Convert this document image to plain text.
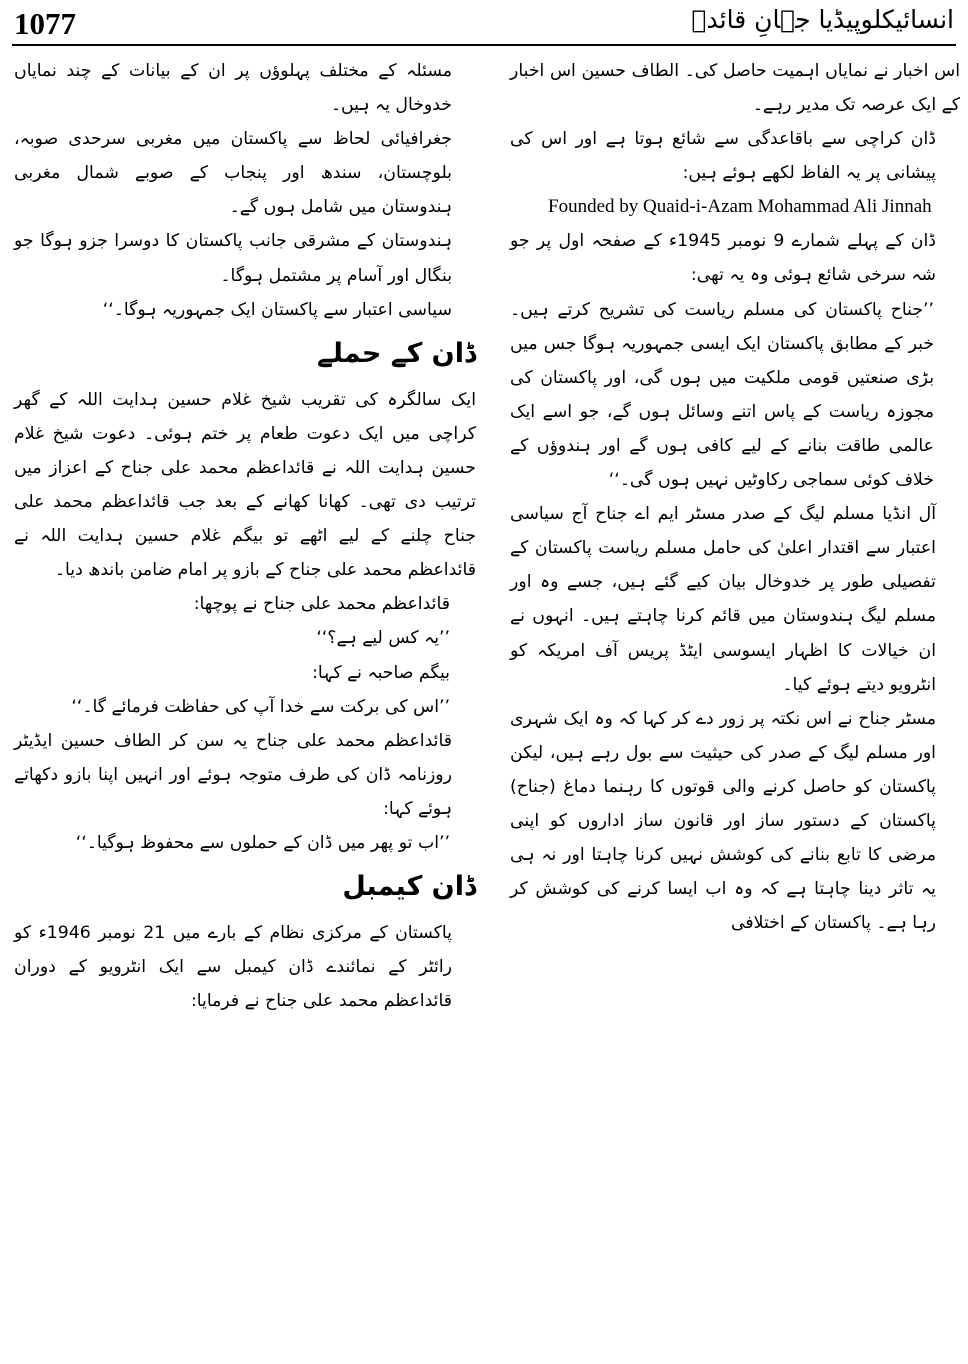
1077	انسائیکلوپیڈیا جہانِ قائدؒ

اس اخبار نے نمایاں اہمیت حاصل کی۔ الطاف حسین اس اخبار کے ایک عرصہ تک مدیر رہے۔

ڈان کراچی سے باقاعدگی سے شائع ہوتا ہے اور اس کی پیشانی پر یہ الفاظ لکھے ہوئے ہیں:

Founded by Quaid-i-Azam Mohammad Ali Jinnah

ڈان کے پہلے شمارے 9 نومبر 1945ء کے صفحہ اول پر جو شہ سرخی شائع ہوئی وہ یہ تھی:

’’جناح پاکستان کی مسلم ریاست کی تشریح کرتے ہیں۔ خبر کے مطابق پاکستان ایک ایسی جمہوریہ ہوگا جس میں بڑی صنعتیں قومی ملکیت میں ہوں گی، اور پاکستان کی مجوزہ ریاست کے پاس اتنے وسائل ہوں گے، جو اسے ایک عالمی طاقت بنانے کے لیے کافی ہوں گے اور ہندوؤں کے خلاف کوئی سماجی رکاوٹیں نہیں ہوں گی۔‘‘

آل انڈیا مسلم لیگ کے صدر مسٹر ایم اے جناح آج سیاسی اعتبار سے اقتدار اعلیٰ کی حامل مسلم ریاست پاکستان کے تفصیلی طور پر خدوخال بیان کیے گئے ہیں، جسے وہ اور مسلم لیگ ہندوستان میں قائم کرنا چاہتے ہیں۔ انہوں نے ان خیالات کا اظہار ایسوسی ایٹڈ پریس آف امریکہ کو انٹرویو دیتے ہوئے کیا۔

مسٹر جناح نے اس نکتہ پر زور دے کر کہا کہ وہ ایک شہری اور مسلم لیگ کے صدر کی حیثیت سے بول رہے ہیں، لیکن پاکستان کو حاصل کرنے والی قوتوں کا رہنما دماغ (جناح) پاکستان کے دستور ساز اور قانون ساز اداروں کو اپنی مرضی کا تابع بنانے کی کوشش نہیں کرنا چاہتا اور نہ ہی یہ تاثر دینا چاہتا ہے کہ وہ اب ایسا کرنے کی کوشش کر رہا ہے۔ پاکستان کے اختلافی

مسئلہ کے مختلف پہلوؤں پر ان کے بیانات کے چند نمایاں خدوخال یہ ہیں۔

جغرافیائی لحاظ سے پاکستان میں مغربی سرحدی صوبہ، بلوچستان، سندھ اور پنجاب کے صوبے شمال مغربی ہندوستان میں شامل ہوں گے۔

ہندوستان کے مشرقی جانب پاکستان کا دوسرا جزو ہوگا جو بنگال اور آسام پر مشتمل ہوگا۔

سیاسی اعتبار سے پاکستان ایک جمہوریہ ہوگا۔‘‘

ڈان کے حملے

ایک سالگرہ کی تقریب شیخ غلام حسین ہدایت اللہ کے گھر کراچی میں ایک دعوت طعام پر ختم ہوئی۔ دعوت شیخ غلام حسین ہدایت اللہ نے قائداعظم محمد علی جناح کے اعزاز میں ترتیب دی تھی۔ کھانا کھانے کے بعد جب قائداعظم محمد علی جناح چلنے کے لیے اٹھے تو بیگم غلام حسین ہدایت اللہ نے قائداعظم محمد علی جناح کے بازو پر امام ضامن باندھ دیا۔

قائداعظم محمد علی جناح نے پوچھا:

’’یہ کس لیے ہے؟‘‘

بیگم صاحبہ نے کہا:

’’اس کی برکت سے خدا آپ کی حفاظت فرمائے گا۔‘‘

قائداعظم محمد علی جناح یہ سن کر الطاف حسین ایڈیٹر روزنامہ ڈان کی طرف متوجہ ہوئے اور انہیں اپنا بازو دکھاتے ہوئے کہا:

’’اب تو پھر میں ڈان کے حملوں سے محفوظ ہوگیا۔‘‘

ڈان کیمبل

پاکستان کے مرکزی نظام کے بارے میں 21 نومبر 1946ء کو رائٹر کے نمائندے ڈان کیمبل سے ایک انٹرویو کے دوران قائداعظم محمد علی جناح نے فرمایا:
